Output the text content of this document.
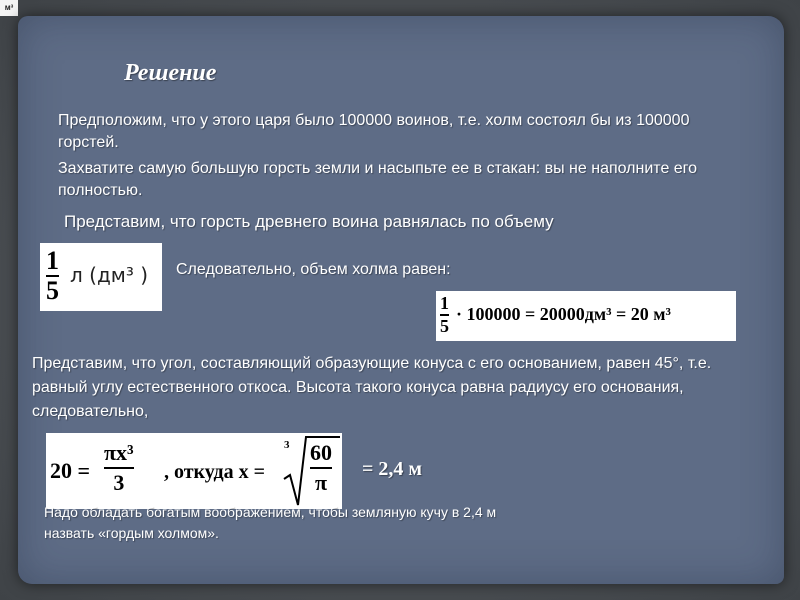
м³
Решение
Предположим, что у этого царя было 100000 воинов, т.е. холм состоял бы из 100000 горстей.
Захватите самую большую горсть земли и насыпьте ее в стакан: вы не наполните его полностью.
Представим, что горсть древнего воина равнялась по объему
1
5
л (дм³ ) Следовательно, объем холма равен:
1
5
· 100000 = 20000дм³ = 20 м³
Представим, что угол, составляющий образующие конуса с его основанием, равен 45°, т.е. равный углу естественного откоса. Высота такого конуса равна радиусу его основания, следовательно,
20 =
πx³
3 , откуда x =
3 60
π
= 2,4 м
Надо обладать богатым воображением, чтобы земляную кучу в 2,4 м
назвать «гордым холмом».
